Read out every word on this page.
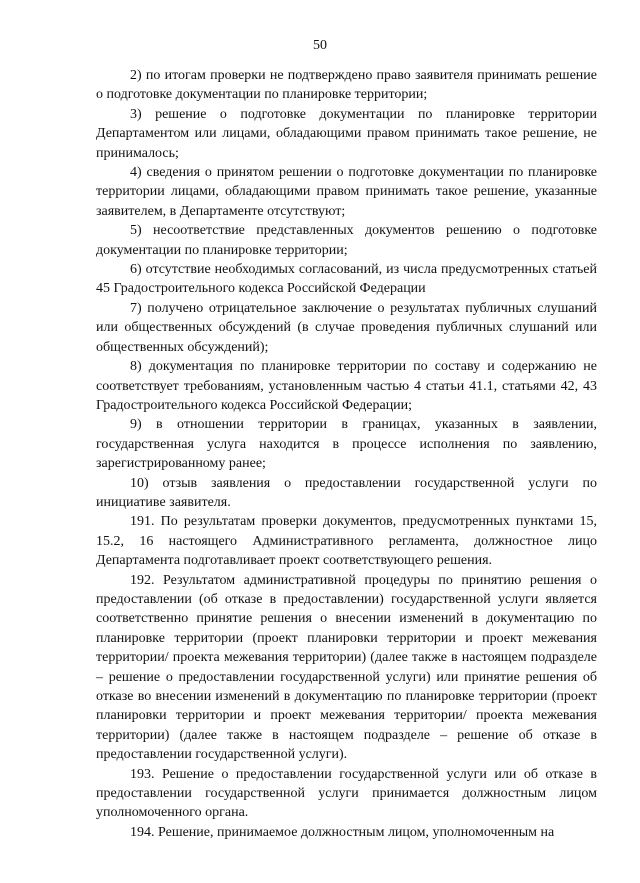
50

2) по итогам проверки не подтверждено право заявителя принимать решение о подготовке документации по планировке территории;

3) решение о подготовке документации по планировке территории Департаментом или лицами, обладающими правом принимать такое решение, не принималось;

4) сведения о принятом решении о подготовке документации по планировке территории лицами, обладающими правом принимать такое решение, указанные заявителем, в Департаменте отсутствуют;

5) несоответствие представленных документов решению о подготовке документации по планировке территории;

6) отсутствие необходимых согласований, из числа предусмотренных статьей 45 Градостроительного кодекса Российской Федерации

7) получено отрицательное заключение о результатах публичных слушаний или общественных обсуждений (в случае проведения публичных слушаний или общественных обсуждений);

8) документация по планировке территории по составу и содержанию не соответствует требованиям, установленным частью 4 статьи 41.1, статьями 42, 43 Градостроительного кодекса Российской Федерации;

9) в отношении территории в границах, указанных в заявлении, государственная услуга находится в процессе исполнения по заявлению, зарегистрированному ранее;

10) отзыв заявления о предоставлении государственной услуги по инициативе заявителя.

191. По результатам проверки документов, предусмотренных пунктами 15, 15.2, 16 настоящего Административного регламента, должностное лицо Департамента подготавливает проект соответствующего решения.

192. Результатом административной процедуры по принятию решения о предоставлении (об отказе в предоставлении) государственной услуги является соответственно принятие решения о внесении изменений в документацию по планировке территории (проект планировки территории и проект межевания территории/ проекта межевания территории) (далее также в настоящем подразделе – решение о предоставлении государственной услуги) или принятие решения об отказе во внесении изменений в документацию по планировке территории (проект планировки территории и проект межевания территории/ проекта межевания территории) (далее также в настоящем подразделе – решение об отказе в предоставлении государственной услуги).

193. Решение о предоставлении государственной услуги или об отказе в предоставлении государственной услуги принимается должностным лицом уполномоченного органа.

194. Решение, принимаемое должностным лицом, уполномоченным на
